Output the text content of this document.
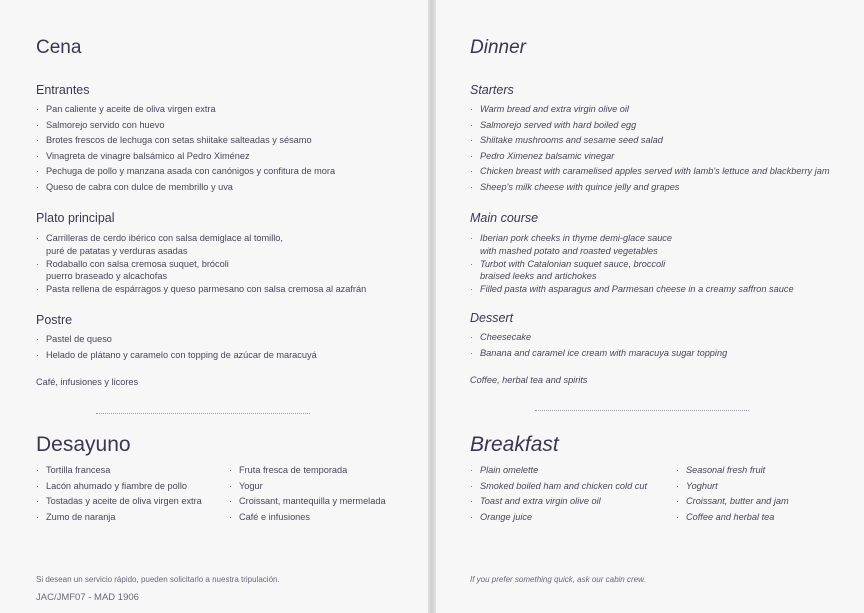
Cena
Entrantes
· Pan caliente y aceite de oliva virgen extra
· Salmorejo servido con huevo
· Brotes frescos de lechuga con setas shiitake salteadas y sésamo
· Vinagreta de vinagre balsámico al Pedro Ximénez
· Pechuga de pollo y manzana asada con canónigos y confitura de mora
· Queso de cabra con dulce de membrillo y uva
Plato principal
· Carrilleras de cerdo ibérico con salsa demiglace al tomillo,
puré de patatas y verduras asadas
· Rodaballo con salsa cremosa suquet, brócoli
puerro braseado y alcachofas
· Pasta rellena de espárragos y queso parmesano con salsa cremosa al azafrán
Postre
· Pastel de queso
· Helado de plátano y caramelo con topping de azúcar de maracuyá
Café, infusiones y licores
Desayuno
· Tortilla francesa
· Lacón ahumado y fiambre de pollo
· Tostadas y aceite de oliva virgen extra
· Zumo de naranja
· Fruta fresca de temporada
· Yogur
· Croissant, mantequilla y mermelada
· Café e infusiones
Si desean un servicio rápido, pueden solicitarlo a nuestra tripulación.
JAC/JMF07 - MAD 1906
Dinner
Starters
· Warm bread and extra virgin olive oil
· Salmorejo served with hard boiled egg
· Shiitake mushrooms and sesame seed salad
· Pedro Ximenez balsamic vinegar
· Chicken breast with caramelised apples served with lamb's lettuce and blackberry jam
· Sheep's milk cheese with quince jelly and grapes
Main course
· Iberian pork cheeks in thyme demi-glace sauce
with mashed potato and roasted vegetables
· Turbot with Catalonian suquet sauce, broccoli
braised leeks and artichokes
· Filled pasta with asparagus and Parmesan cheese in a creamy saffron sauce
Dessert
· Cheesecake
· Banana and caramel ice cream with maracuya sugar topping
Coffee, herbal tea and spirits
Breakfast
· Plain omelette
· Smoked boiled ham and chicken cold cut
· Toast and extra virgin olive oil
· Orange juice
· Seasonal fresh fruit
· Yoghurt
· Croissant, butter and jam
· Coffee and herbal tea
If you prefer something quick, ask our cabin crew.
